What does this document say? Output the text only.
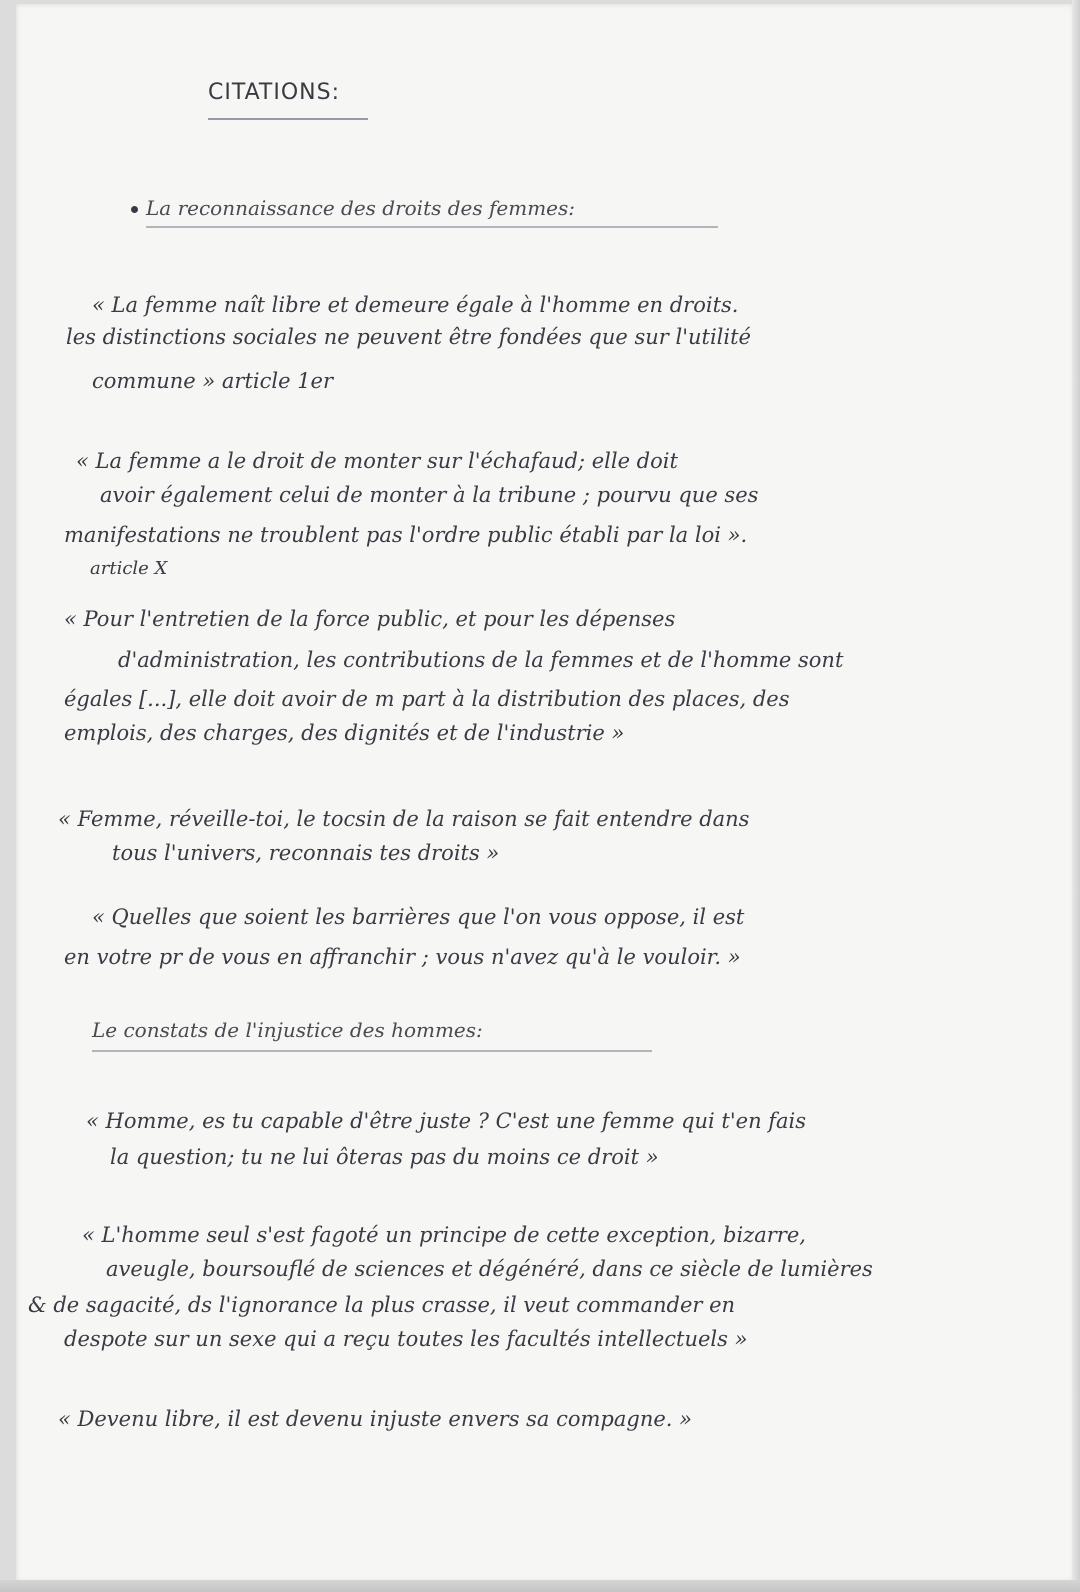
CITATIONS:
La reconnaissance des droits des femmes:
« La femme naît libre et demeure égale à l'homme en droits.
les distinctions sociales ne peuvent être fondées que sur l'utilité
commune » article 1er
« La femme a le droit de monter sur l'échafaud; elle doit
avoir également celui de monter à la tribune ; pourvu que ses
manifestations ne troublent pas l'ordre public établi par la loi ».
article X
« Pour l'entretien de la force public, et pour les dépenses
d'administration, les contributions de la femmes et de l'homme sont
égales [...], elle doit avoir de m part à la distribution des places, des
emplois, des charges, des dignités et de l'industrie »
« Femme, réveille-toi, le tocsin de la raison se fait entendre dans
tous l'univers, reconnais tes droits »
« Quelles que soient les barrières que l'on vous oppose, il est
en votre pr de vous en affranchir ; vous n'avez qu'à le vouloir. »
Le constats de l'injustice des hommes:
« Homme, es tu capable d'être juste ? C'est une femme qui t'en fais
la question; tu ne lui ôteras pas du moins ce droit »
« L'homme seul s'est fagoté un principe de cette exception, bizarre,
aveugle, boursouflé de sciences et dégénéré, dans ce siècle de lumières
& de sagacité, ds l'ignorance la plus crasse, il veut commander en
despote sur un sexe qui a reçu toutes les facultés intellectuels »
« Devenu libre, il est devenu injuste envers sa compagne. »
